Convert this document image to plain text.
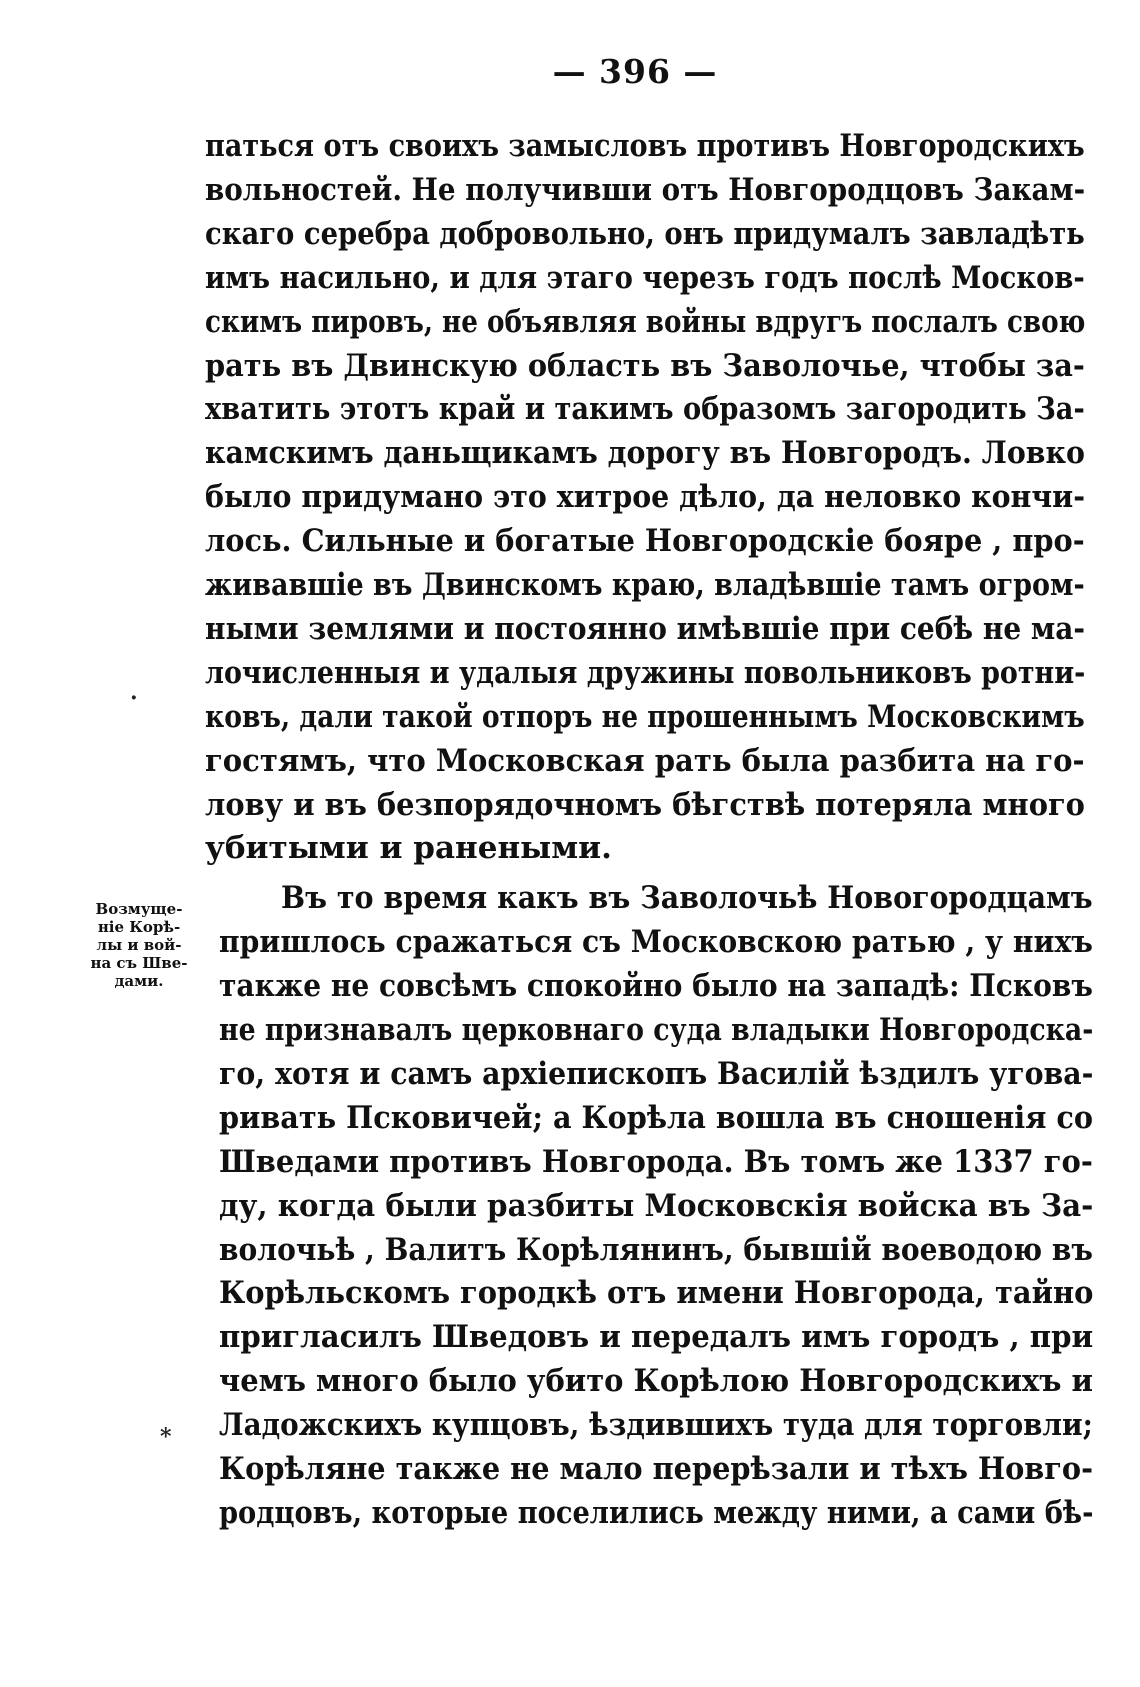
— 396 —
Возмуще-
ніе Корѣ-
лы и вой-
на съ Шве-
дами.
·
*
паться отъ своихъ замысловъ противъ Новгородскихъ
вольностей. Не получивши отъ Новгородцовъ Закам-
скаго серебра добровольно, онъ придумалъ завладѣть
имъ насильно, и для этаго черезъ годъ послѣ Москов-
скимъ пировъ, не объявляя войны вдругъ послалъ свою
рать въ Двинскую область въ Заволочье, чтобы за-
хватить этотъ край и такимъ образомъ загородить За-
камскимъ даньщикамъ дорогу въ Новгородъ. Ловко
было придумано это хитрое дѣло, да неловко кончи-
лось. Сильные и богатые Новгородскіе бояре , про-
живавшіе въ Двинскомъ краю, владѣвшіе тамъ огром-
ными землями и постоянно имѣвшіе при себѣ не ма-
лочисленныя и удалыя дружины повольниковъ ротни-
ковъ, дали такой отпоръ не прошеннымъ Московскимъ
гостямъ, что Московская рать была разбита на го-
лову и въ безпорядочномъ бѣгствѣ потеряла много
убитыми и ранеными.
Въ то время какъ въ Заволочьѣ Новогородцамъ
пришлось сражаться съ Московскою ратью , у нихъ
также не совсѣмъ спокойно было на западѣ: Псковъ
не признавалъ церковнаго суда владыки Новгородска-
го, хотя и самъ архіепископъ Василій ѣздилъ угова-
ривать Псковичей; а Корѣла вошла въ сношенія со
Шведами противъ Новгорода. Въ томъ же 1337 го-
ду, когда были разбиты Московскія войска въ За-
волочьѣ , Валитъ Корѣлянинъ, бывшій воеводою въ
Корѣльскомъ городкѣ отъ имени Новгорода, тайно
пригласилъ Шведовъ и передалъ имъ городъ , при
чемъ много было убито Корѣлою Новгородскихъ и
Ладожскихъ купцовъ, ѣздившихъ туда для торговли;
Корѣляне также не мало перерѣзали и тѣхъ Новго-
родцовъ, которые поселились между ними, а сами бѣ-
